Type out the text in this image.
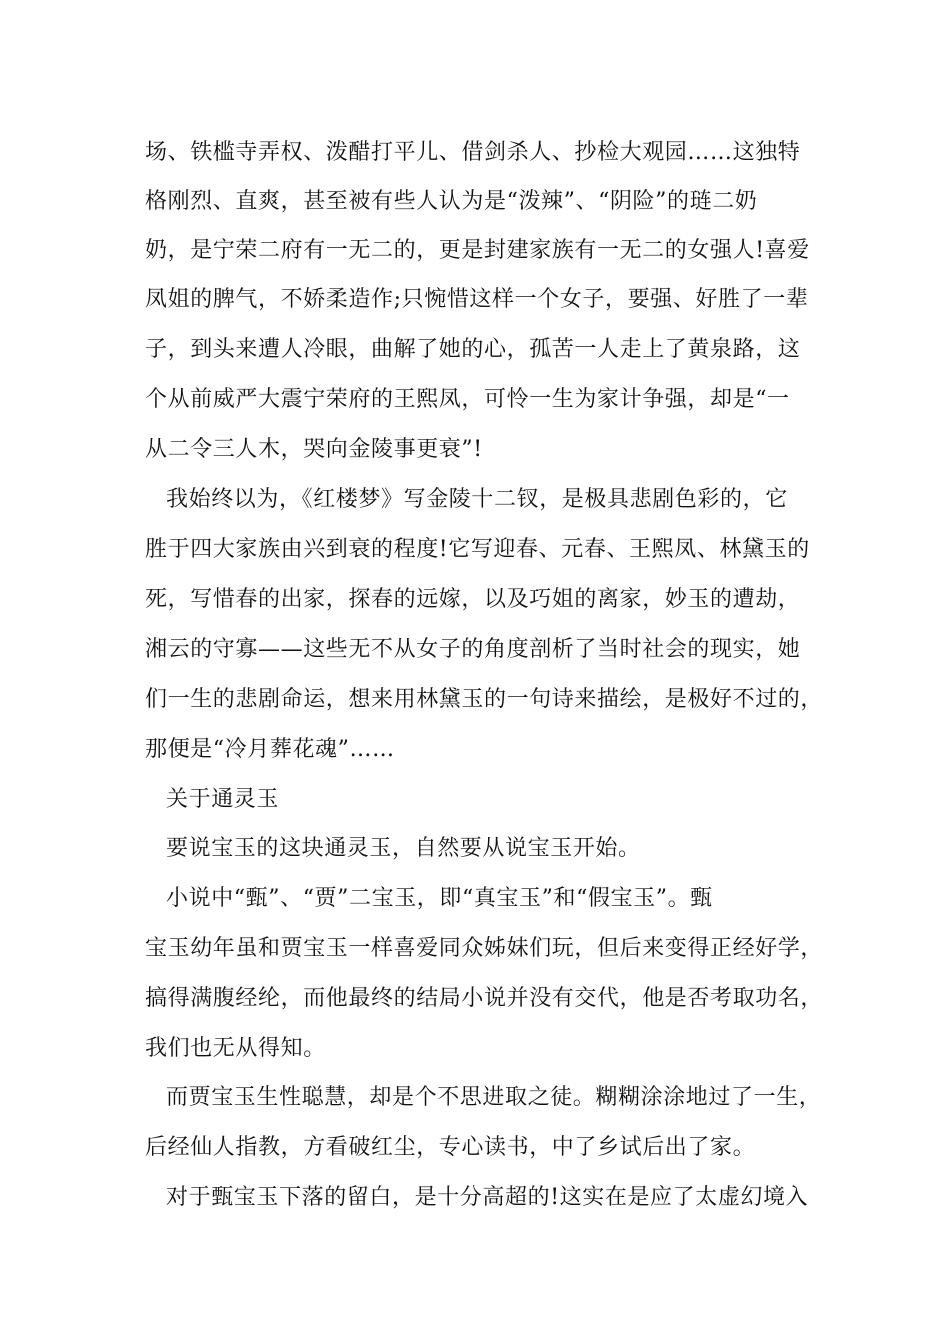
场、铁槛寺弄权、泼醋打平儿、借剑杀人、抄检大观园……这独特
格刚烈、直爽，甚至被有些人认为是“泼辣”、“阴险”的琏二奶
奶，是宁荣二府有一无二的，更是封建家族有一无二的女强人!喜爱
凤姐的脾气，不娇柔造作;只惋惜这样一个女子，要强、好胜了一辈
子，到头来遭人冷眼，曲解了她的心，孤苦一人走上了黄泉路，这
个从前威严大震宁荣府的王熙凤，可怜一生为家计争强，却是“一
从二令三人木，哭向金陵事更衰”!
我始终以为，《红楼梦》写金陵十二钗，是极具悲剧色彩的，它
胜于四大家族由兴到衰的程度!它写迎春、元春、王熙凤、林黛玉的
死，写惜春的出家，探春的远嫁，以及巧姐的离家，妙玉的遭劫，
湘云的守寡——这些无不从女子的角度剖析了当时社会的现实，她
们一生的悲剧命运，想来用林黛玉的一句诗来描绘，是极好不过的，
那便是“冷月葬花魂”……
关于通灵玉
要说宝玉的这块通灵玉，自然要从说宝玉开始。
小说中“甄”、“贾”二宝玉，即“真宝玉”和“假宝玉”。甄
宝玉幼年虽和贾宝玉一样喜爱同众姊妹们玩，但后来变得正经好学，
搞得满腹经纶，而他最终的结局小说并没有交代，他是否考取功名，
我们也无从得知。
而贾宝玉生性聪慧，却是个不思进取之徒。糊糊涂涂地过了一生，
后经仙人指教，方看破红尘，专心读书，中了乡试后出了家。
对于甄宝玉下落的留白，是十分高超的!这实在是应了太虚幻境入
